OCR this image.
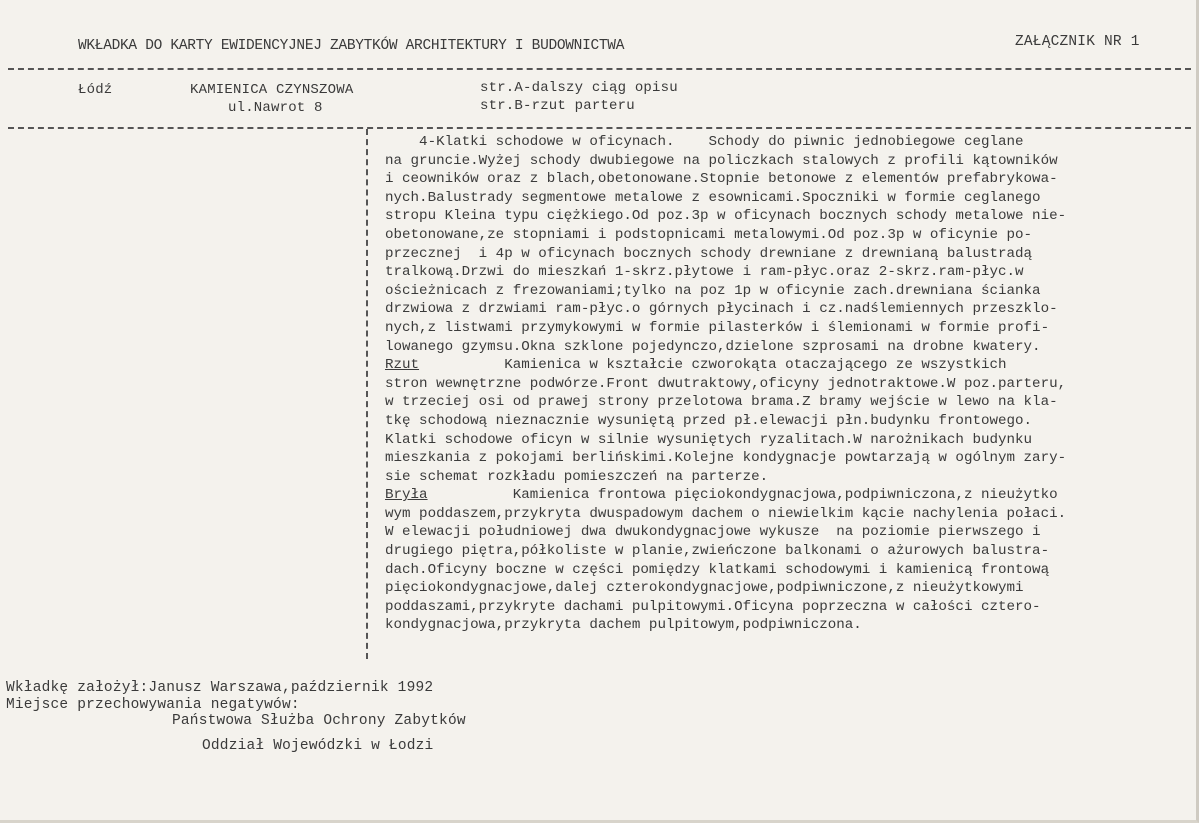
WKŁADKA DO KARTY EWIDENCYJNEJ ZABYTKÓW ARCHITEKTURY I BUDOWNICTWA	ZAŁĄCZNIK NR 1
Łódź	KAMIENICA CZYNSZOWA
ul.Nawrot 8
str.A-dalszy ciąg opisu
str.B-rzut parteru
4-Klatki schodowe w oficynach.    Schody do piwnic jednobiegowe ceglane
na gruncie.Wyżej schody dwubiegowe na policzkach stalowych z profili kątowników
i ceowników oraz z blach,obetonowane.Stopnie betonowe z elementów prefabrykowa-
nych.Balustrady segmentowe metalowe z esownicami.Spoczniki w formie ceglanego
stropu Kleina typu ciężkiego.Od poz.3p w oficynach bocznych schody metalowe nie-
obetonowane,ze stopniami i podstopnicami metalowymi.Od poz.3p w oficynie po-
przecznej  i 4p w oficynach bocznych schody drewniane z drewnianą balustradą
tralkową.Drzwi do mieszkań 1-skrz.płytowe i ram-płyc.oraz 2-skrz.ram-płyc.w
ościeżnicach z frezowaniami;tylko na poz 1p w oficynie zach.drewniana ścianka
drzwiowa z drzwiami ram-płyc.o górnych płycinach i cz.nadślemiennych przeszklo-
nych,z listwami przymykowymi w formie pilasterków i ślemionami w formie profi-
lowanego gzymsu.Okna szklone pojedynczo,dzielone szprosami na drobne kwatery.
Rzut          Kamienica w kształcie czworokąta otaczającego ze wszystkich
stron wewnętrzne podwórze.Front dwutraktowy,oficyny jednotraktowe.W poz.parteru,
w trzeciej osi od prawej strony przelotowa brama.Z bramy wejście w lewo na kla-
tkę schodową nieznacznie wysuniętą przed pł.elewacji płn.budynku frontowego.
Klatki schodowe oficyn w silnie wysuniętych ryzalitach.W narożnikach budynku
mieszkania z pokojami berlińskimi.Kolejne kondygnacje powtarzają w ogólnym zary-
sie schemat rozkładu pomieszczeń na parterze.
Bryła          Kamienica frontowa pięciokondygnacjowa,podpiwniczona,z nieużytko
wym poddaszem,przykryta dwuspadowym dachem o niewielkim kącie nachylenia połaci.
W elewacji południowej dwa dwukondygnacjowe wykusze  na poziomie pierwszego i
drugiego piętra,półkoliste w planie,zwieńczone balkonami o ażurowych balustra-
dach.Oficyny boczne w części pomiędzy klatkami schodowymi i kamienicą frontową
pięciokondygnacjowe,dalej czterokondygnacjowe,podpiwniczone,z nieużytkowymi
poddaszami,przykryte dachami pulpitowymi.Oficyna poprzeczna w całości cztero-
kondygnacjowa,przykryta dachem pulpitowym,podpiwniczona.
Wkładkę założył:Janusz Warszawa,październik 1992
Miejsce przechowywania negatywów:
Państwowa Służba Ochrony Zabytków
Oddział Wojewódzki w Łodzi
